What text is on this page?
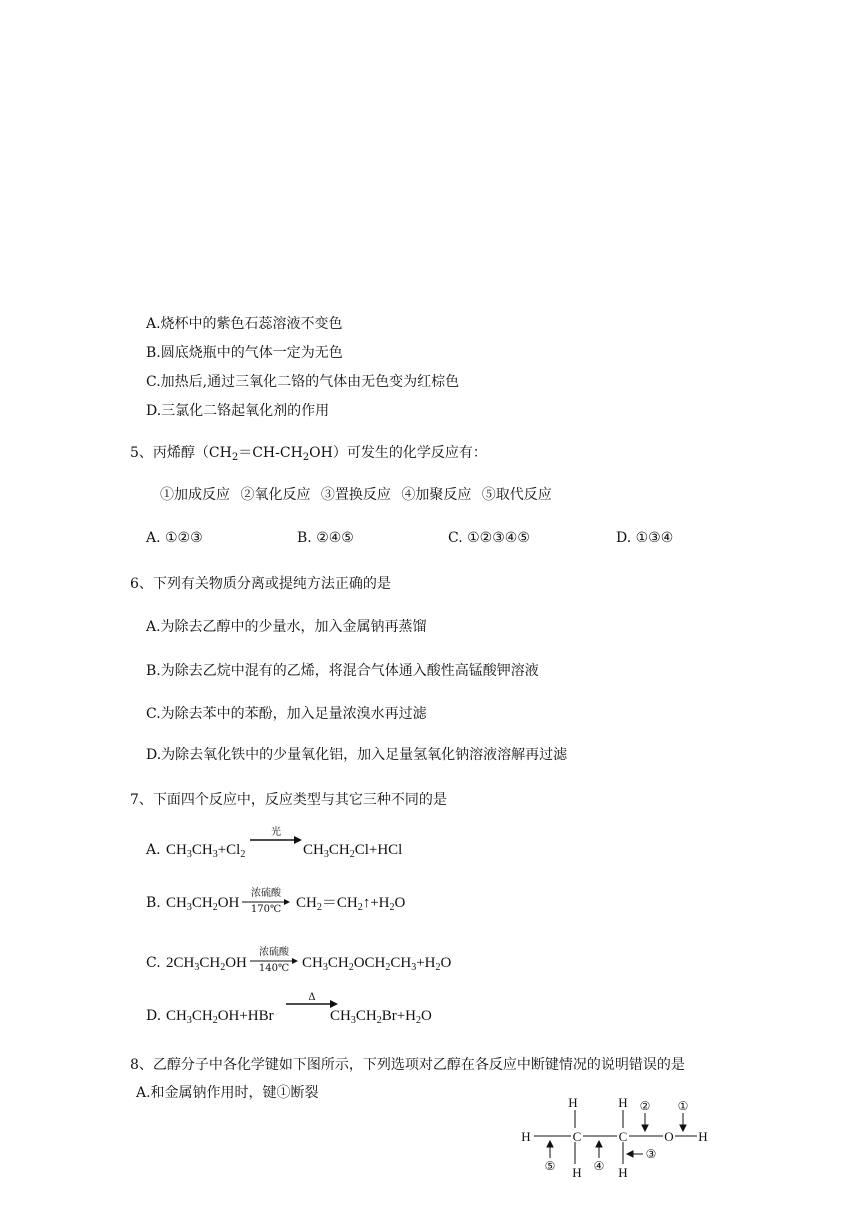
A.烧杯中的紫色石蕊溶液不变色
B.圆底烧瓶中的气体一定为无色
C.加热后,通过三氧化二铬的气体由无色变为红棕色
D.三氯化二铬起氧化剂的作用
5、丙烯醇$(CH_2=CH-CH_2OH)$可发生的化学反应有：
①加成反应 ②氧化反应 ③置换反应 ④加聚反应 ⑤取代反应
A. ①②③	B. ②④⑤	C. ①②③④⑤	D. ①③④
6、下列有关物质分离或提纯方法正确的是
A.为除去乙醇中的少量水，加入金属钠再蒸馏
B.为除去乙烷中混有的乙烯，将混合气体通入酸性高锰酸钾溶液
C.为除去苯中的苯酚，加入足量浓溴水再过滤
D.为除去氧化铁中的少量氧化铝，加入足量氢氧化钠溶液溶解再过滤
7、下面四个反应中，反应类型与其它三种不同的是
A. $CH_3CH_3+Cl_2$
光
$CH_3CH_2Cl+HCl$
B. $CH_3CH_2OH$
浓硫酸
170℃ $CH_2=CH_2↑+H_2O$
C. $2CH_3CH_2OH$
浓硫酸
140℃ $CH_3CH_2OCH_2CH_3+H_2O$
D. $CH_3CH_2OH+HBr$
Δ
$CH_3CH_2Br+H_2O$
8、乙醇分子中各化学键如下图所示，下列选项对乙醇在各反应中断键情况的说明错误的是
A.和金属钠作用时，键①断裂
H	H
H	H
C	C	O
H	H
①
②
③
④
⑤
